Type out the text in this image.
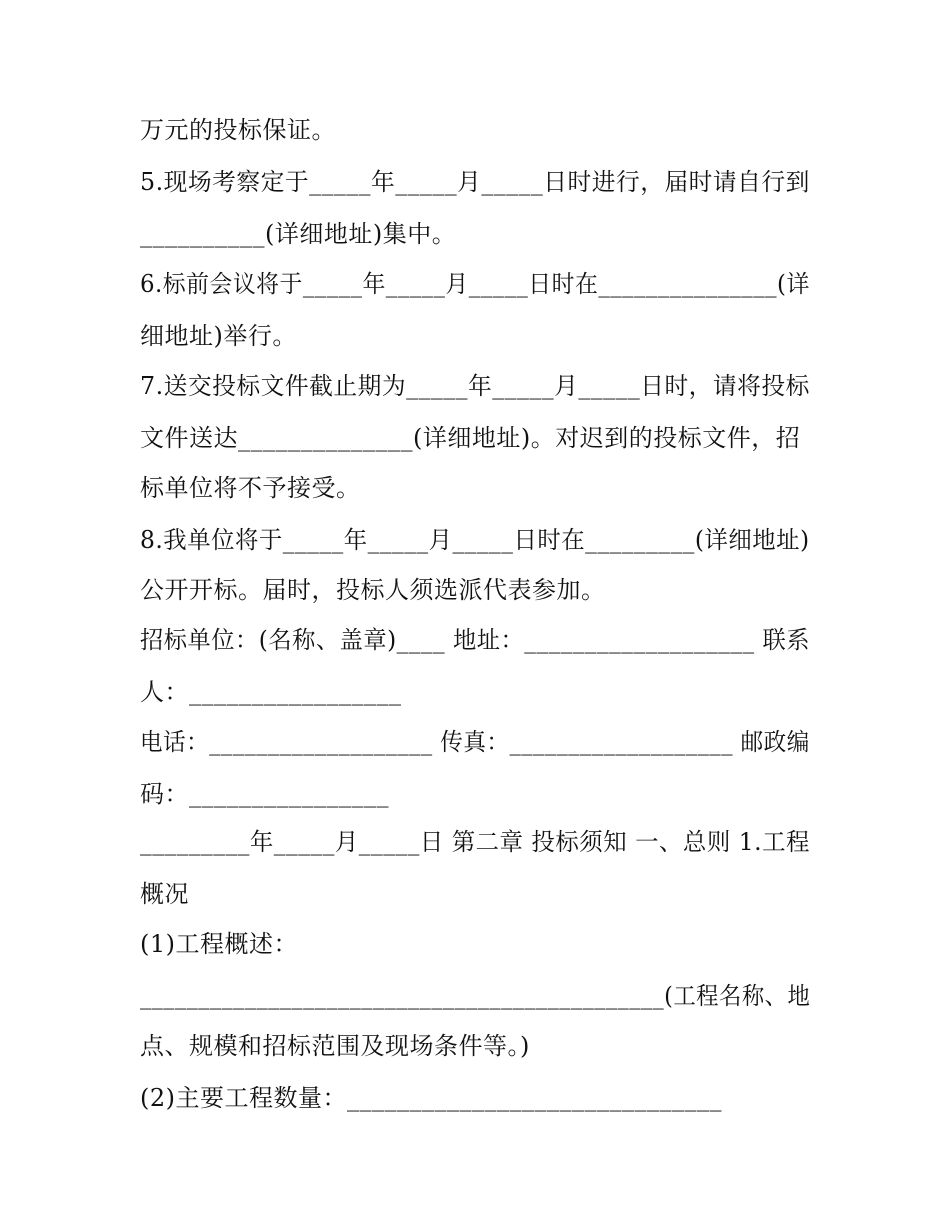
万元的投标保证。
5.现场考察定于_____年_____月_____日时进行，届时请自行到
__________(详细地址)集中。
6.标前会议将于_____年_____月_____日时在_______________(详
细地址)举行。
7.送交投标文件截止期为_____年_____月_____日时，请将投标
文件送达______________(详细地址)。对迟到的投标文件，招
标单位将不予接受。
8.我单位将于_____年_____月_____日时在_________(详细地址)
公开开标。届时，投标人须选派代表参加。
招标单位：(名称、盖章)____ 地址：___________________ 联系
人：_________________
电话：___________________ 传真：___________________ 邮政编
码：________________
_________年_____月_____日 第二章 投标须知 一、总则 1.工程
概况
(1)工程概述：
_____________________________________________(工程名称、地
点、规模和招标范围及现场条件等。)
(2)主要工程数量：______________________________
